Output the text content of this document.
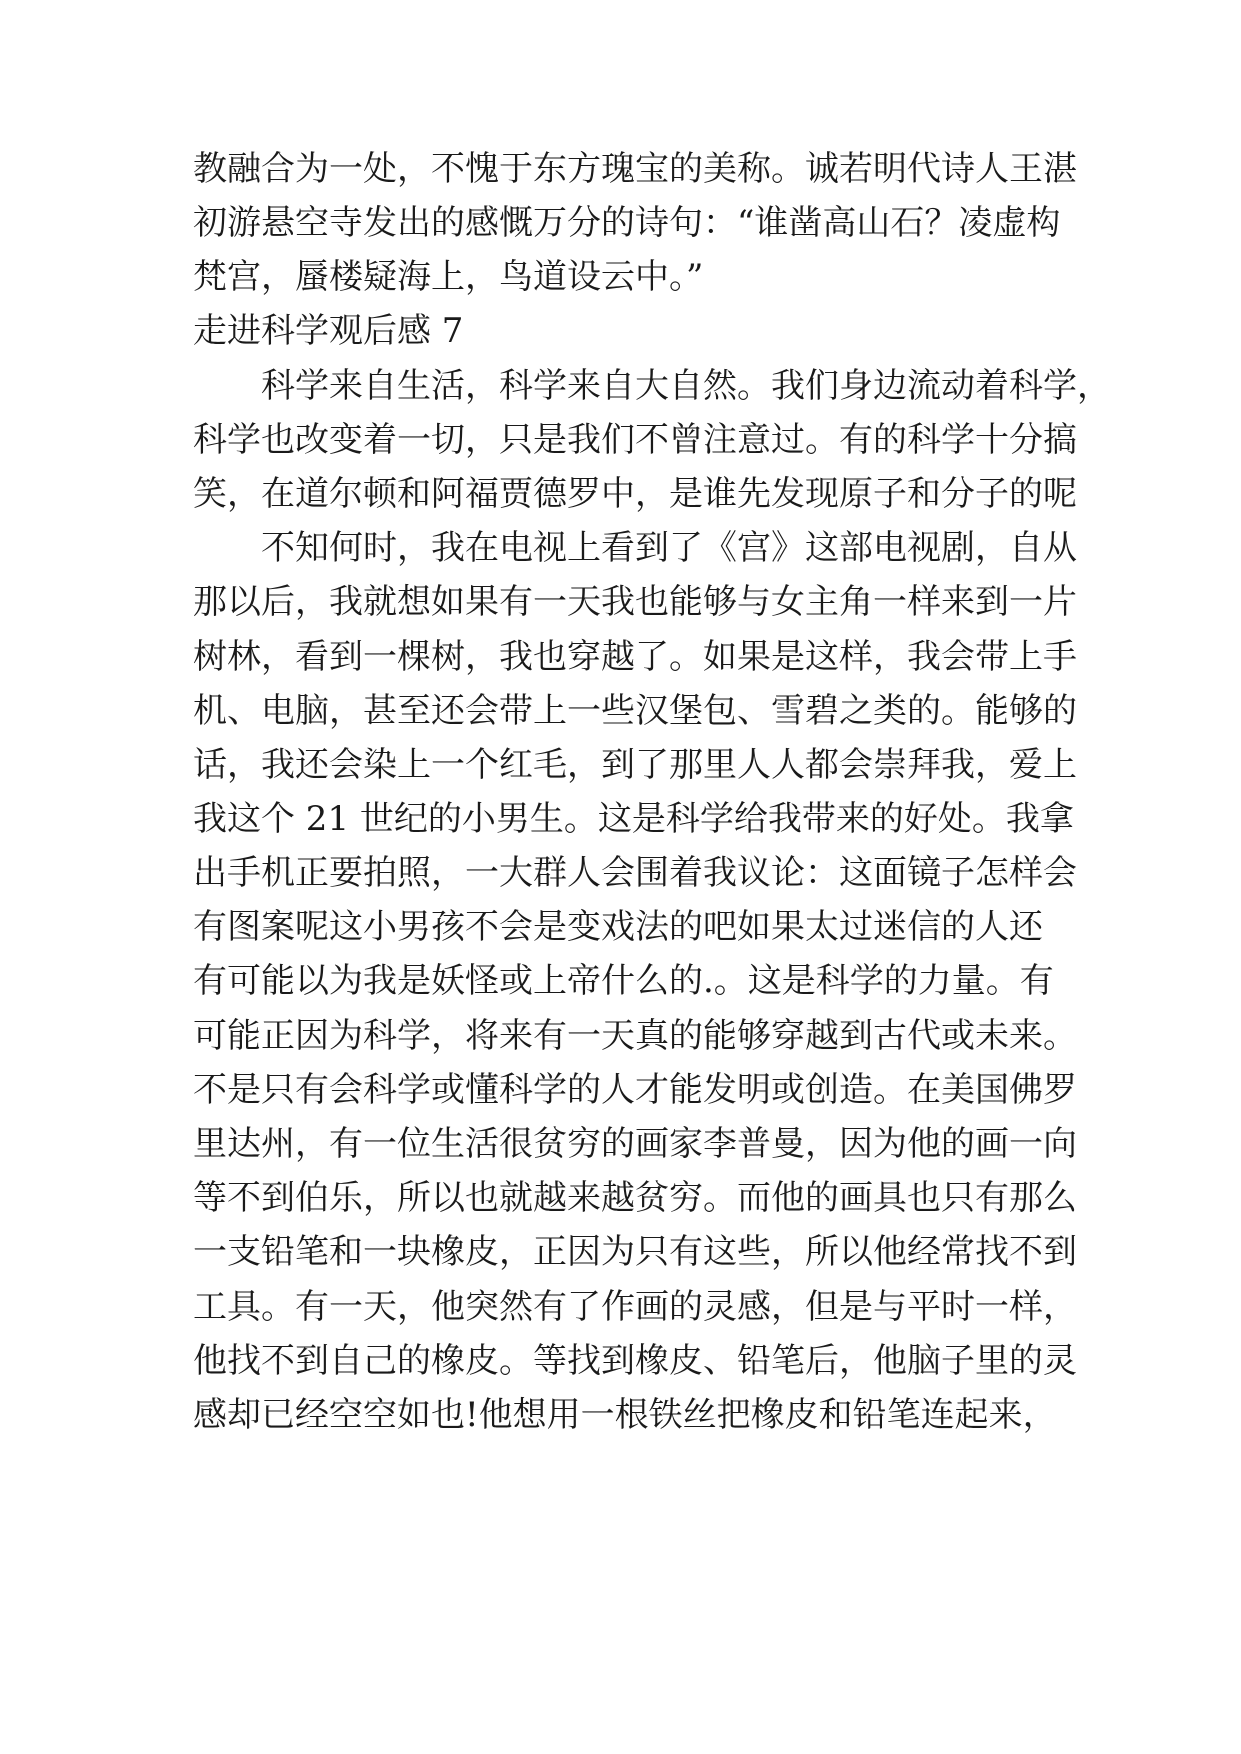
教融合为一处，不愧于东方瑰宝的美称。诚若明代诗人王湛
初游悬空寺发出的感慨万分的诗句：“谁凿高山石？凌虚构
梵宫，蜃楼疑海上，鸟道设云中。”
走进科学观后感 7
　　科学来自生活，科学来自大自然。我们身边流动着科学，
科学也改变着一切，只是我们不曾注意过。有的科学十分搞
笑，在道尔顿和阿福贾德罗中，是谁先发现原子和分子的呢
　　不知何时，我在电视上看到了《宫》这部电视剧，自从
那以后，我就想如果有一天我也能够与女主角一样来到一片
树林，看到一棵树，我也穿越了。如果是这样，我会带上手
机、电脑，甚至还会带上一些汉堡包、雪碧之类的。能够的
话，我还会染上一个红毛，到了那里人人都会崇拜我，爱上
我这个 21 世纪的小男生。这是科学给我带来的好处。我拿
出手机正要拍照，一大群人会围着我议论：这面镜子怎样会
有图案呢这小男孩不会是变戏法的吧如果太过迷信的人还
有可能以为我是妖怪或上帝什么的.。这是科学的力量。有
可能正因为科学，将来有一天真的能够穿越到古代或未来。
不是只有会科学或懂科学的人才能发明或创造。在美国佛罗
里达州，有一位生活很贫穷的画家李普曼，因为他的画一向
等不到伯乐，所以也就越来越贫穷。而他的画具也只有那么
一支铅笔和一块橡皮，正因为只有这些，所以他经常找不到
工具。有一天，他突然有了作画的灵感，但是与平时一样，
他找不到自己的橡皮。等找到橡皮、铅笔后，他脑子里的灵
感却已经空空如也!他想用一根铁丝把橡皮和铅笔连起来，
